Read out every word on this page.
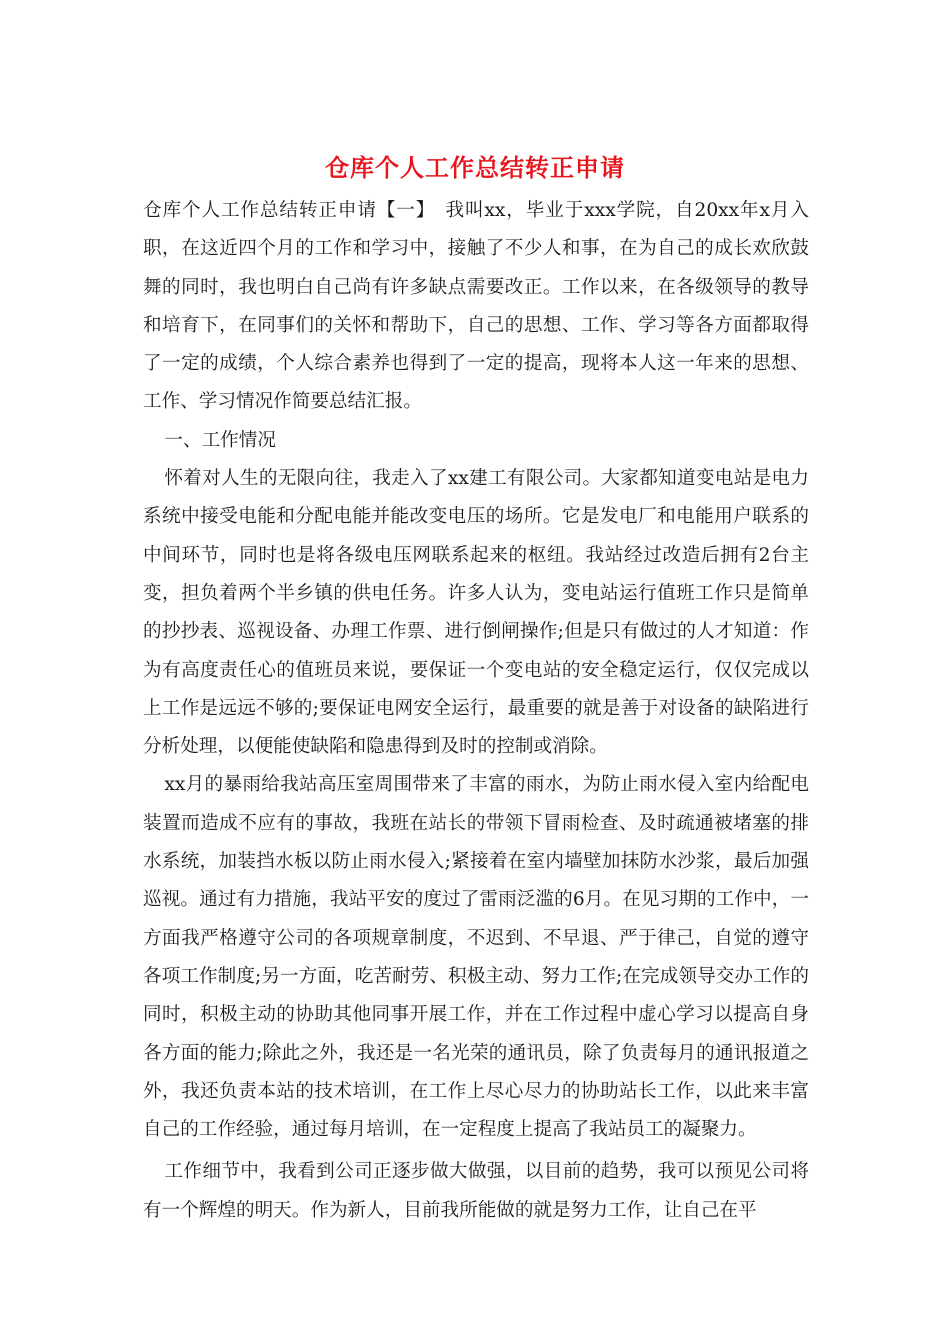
仓库个人工作总结转正申请

仓库个人工作总结转正申请【一】　我叫xx，毕业于xxx学院，自20xx年x月入职，在这近四个月的工作和学习中，接触了不少人和事，在为自己的成长欢欣鼓舞的同时，我也明白自己尚有许多缺点需要改正。工作以来，在各级领导的教导和培育下，在同事们的关怀和帮助下，自己的思想、工作、学习等各方面都取得了一定的成绩，个人综合素养也得到了一定的提高，现将本人这一年来的思想、工作、学习情况作简要总结汇报。

一、工作情况

怀着对人生的无限向往，我走入了xx建工有限公司。大家都知道变电站是电力系统中接受电能和分配电能并能改变电压的场所。它是发电厂和电能用户联系的中间环节，同时也是将各级电压网联系起来的枢纽。我站经过改造后拥有2台主变，担负着两个半乡镇的供电任务。许多人认为，变电站运行值班工作只是简单的抄抄表、巡视设备、办理工作票、进行倒闸操作;但是只有做过的人才知道：作为有高度责任心的值班员来说，要保证一个变电站的安全稳定运行，仅仅完成以上工作是远远不够的;要保证电网安全运行，最重要的就是善于对设备的缺陷进行分析处理，以便能使缺陷和隐患得到及时的控制或消除。

xx月的暴雨给我站高压室周围带来了丰富的雨水，为防止雨水侵入室内给配电装置而造成不应有的事故，我班在站长的带领下冒雨检查、及时疏通被堵塞的排水系统，加装挡水板以防止雨水侵入;紧接着在室内墙壁加抹防水沙浆，最后加强巡视。通过有力措施，我站平安的度过了雷雨泛滥的6月。在见习期的工作中，一方面我严格遵守公司的各项规章制度，不迟到、不早退、严于律己，自觉的遵守各项工作制度;另一方面，吃苦耐劳、积极主动、努力工作;在完成领导交办工作的同时，积极主动的协助其他同事开展工作，并在工作过程中虚心学习以提高自身各方面的能力;除此之外，我还是一名光荣的通讯员，除了负责每月的通讯报道之外，我还负责本站的技术培训，在工作上尽心尽力的协助站长工作，以此来丰富自己的工作经验，通过每月培训，在一定程度上提高了我站员工的凝聚力。

工作细节中，我看到公司正逐步做大做强，以目前的趋势，我可以预见公司将有一个辉煌的明天。作为新人，目前我所能做的就是努力工作，让自己在平
